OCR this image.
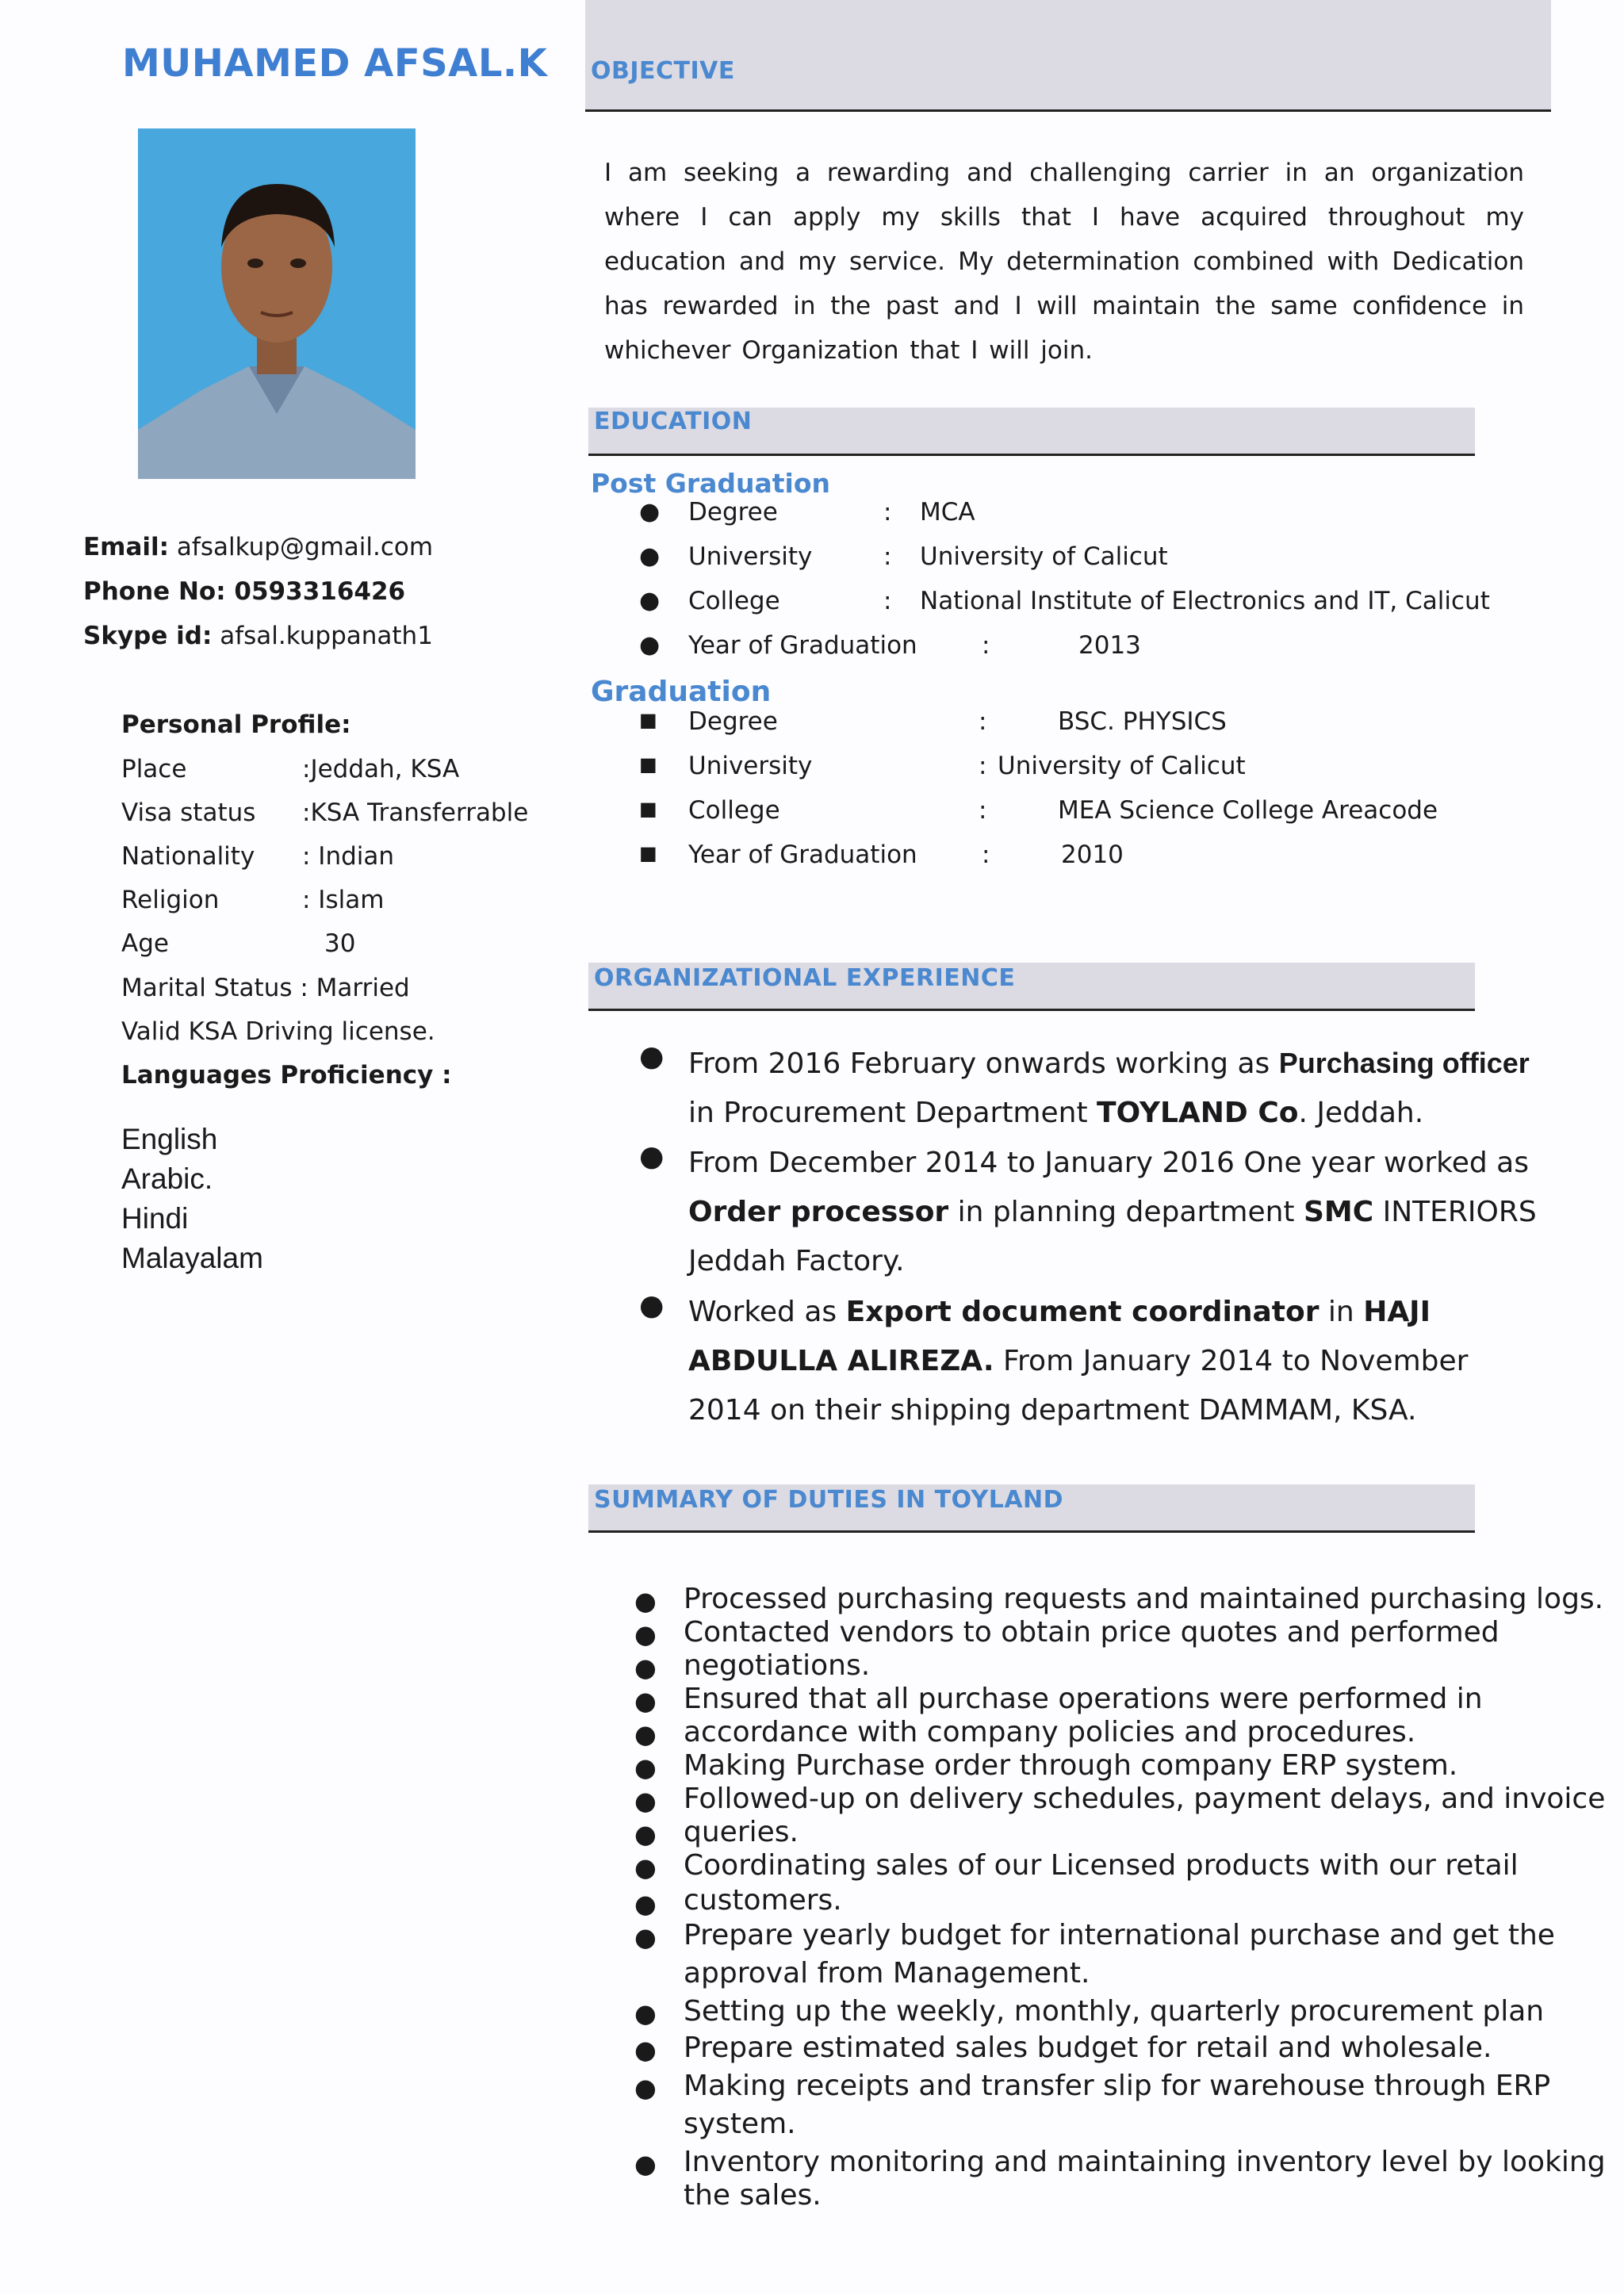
MUHAMED AFSAL.K
Email: afsalkup@gmail.com
Phone No: 0593316426
Skype id: afsal.kuppanath1
Personal Profile:
Place	:Jeddah, KSA
Visa status :KSA Transferrable
Nationality : Indian
Religion	: Islam
Age	30
Marital Status : Married
Valid KSA Driving license.
Languages Proficiency :
English
Arabic.
Hindi
Malayalam
OBJECTIVE
I am seeking a rewarding and challenging carrier in an organization where I can apply my skills that I have acquired throughout my education and my service. My determination combined with Dedication has rewarded in the past and I will maintain the same confidence in whichever Organization that I will join.
EDUCATION
Post Graduation
● Degree	: MCA
● University	: University of Calicut
● College	: National Institute of Electronics and IT, Calicut
● Year of Graduation	:	2013
Graduation
■ Degree	:	BSC. PHYSICS
■ University	: University of Calicut
■ College	:	MEA Science College Areacode
■ Year of Graduation	:	2010
ORGANIZATIONAL EXPERIENCE
● From 2016 February onwards working as Purchasing officer in Procurement Department TOYLAND Co. Jeddah.
● From December 2014 to January 2016 One year worked as Order processor in planning department SMC INTERIORS Jeddah Factory.
● Worked as Export document coordinator in HAJI ABDULLA ALIREZA. From January 2014 to November 2014 on their shipping department DAMMAM, KSA.
SUMMARY OF DUTIES IN TOYLAND
● Processed purchasing requests and maintained purchasing logs.
● Contacted vendors to obtain price quotes and performed
● negotiations.
● Ensured that all purchase operations were performed in
● accordance with company policies and procedures.
● Making Purchase order through company ERP system.
● Followed-up on delivery schedules, payment delays, and invoice
● queries.
● Coordinating sales of our Licensed products with our retail
● customers.
● Prepare yearly budget for international purchase and get the
approval from Management.
● Setting up the weekly, monthly, quarterly procurement plan
● Prepare estimated sales budget for retail and wholesale.
● Making receipts and transfer slip for warehouse through ERP
system.
● Inventory monitoring and maintaining inventory level by looking
the sales.
